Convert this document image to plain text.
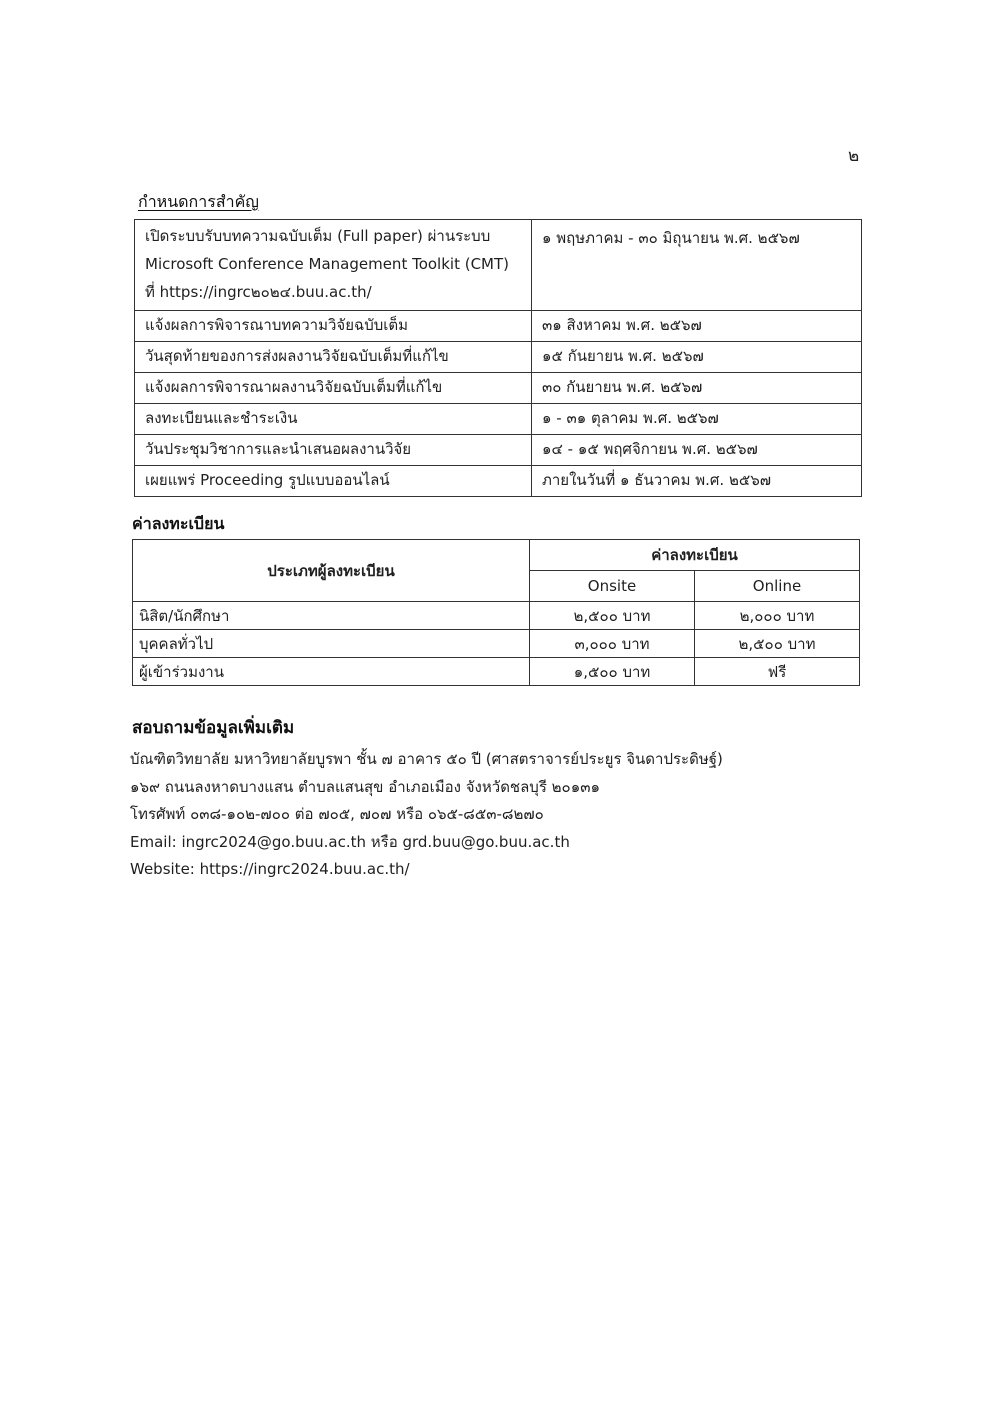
๒
กำหนดการสำคัญ
เปิดระบบรับบทความฉบับเต็ม (Full paper) ผ่านระบบ
Microsoft Conference Management Toolkit (CMT)
ที่ https://ingrc๒๐๒๔.buu.ac.th/	๑ พฤษภาคม - ๓๐ มิถุนายน พ.ศ. ๒๕๖๗
แจ้งผลการพิจารณาบทความวิจัยฉบับเต็ม	๓๑ สิงหาคม พ.ศ. ๒๕๖๗
วันสุดท้ายของการส่งผลงานวิจัยฉบับเต็มที่แก้ไข	๑๕ กันยายน พ.ศ. ๒๕๖๗
แจ้งผลการพิจารณาผลงานวิจัยฉบับเต็มที่แก้ไข	๓๐ กันยายน พ.ศ. ๒๕๖๗
ลงทะเบียนและชำระเงิน	๑ - ๓๑ ตุลาคม พ.ศ. ๒๕๖๗
วันประชุมวิชาการและนำเสนอผลงานวิจัย	๑๔ - ๑๕ พฤศจิกายน พ.ศ. ๒๕๖๗
เผยแพร่ Proceeding รูปแบบออนไลน์	ภายในวันที่ ๑ ธันวาคม พ.ศ. ๒๕๖๗
ค่าลงทะเบียน
ประเภทผู้ลงทะเบียน	ค่าลงทะเบียน	
	Onsite	Online
นิสิต/นักศึกษา	๒,๕๐๐ บาท	๒,๐๐๐ บาท
บุคคลทั่วไป	๓,๐๐๐ บาท	๒,๕๐๐ บาท
ผู้เข้าร่วมงาน	๑,๕๐๐ บาท	ฟรี
สอบถามข้อมูลเพิ่มเติม
บัณฑิตวิทยาลัย มหาวิทยาลัยบูรพา ชั้น ๗ อาคาร ๕๐ ปี (ศาสตราจารย์ประยูร จินดาประดิษฐ์)
๑๖๙ ถนนลงหาดบางแสน ตำบลแสนสุข อำเภอเมือง จังหวัดชลบุรี ๒๐๑๓๑
โทรศัพท์ ๐๓๘-๑๐๒-๗๐๐ ต่อ ๗๐๕, ๗๐๗ หรือ ๐๖๕-๘๕๓-๘๒๗๐
Email: ingrc2024@go.buu.ac.th หรือ grd.buu@go.buu.ac.th
Website: https://ingrc2024.buu.ac.th/
